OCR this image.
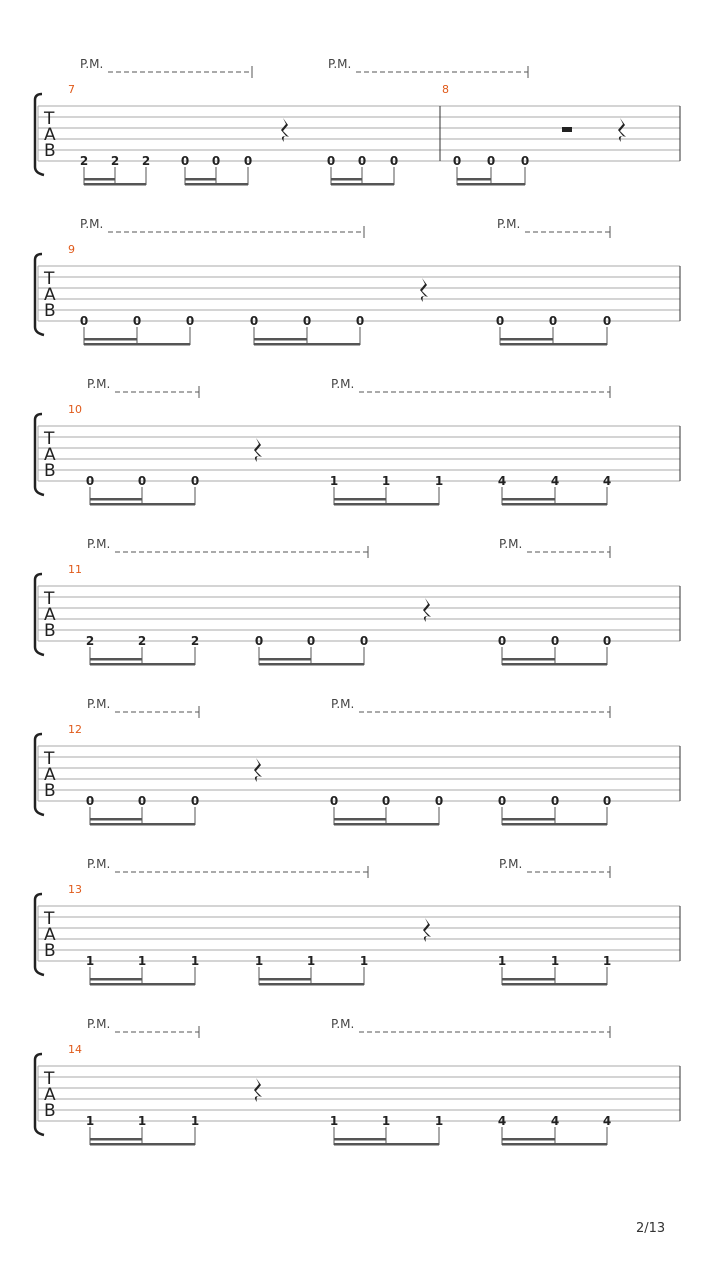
T
A
B
7	8
P.M.	P.M.
2 2 2	0 0 0	0 0 0	0 0 0
T
A
B
9
P.M.	P.M.
0	0	0	0	0	0	0	0	0
T
A
B
10
P.M.	P.M.
0	0	0	1	1	1	4	4	4
T
A
B
11
P.M.	P.M.
2	2	2	0	0	0	0	0	0
T
A
B
12
P.M.	P.M.
0	0	0	0	0	0	0	0	0
T
A
B
13
P.M.	P.M.
1	1	1	1	1	1	1	1	1
T
A
B
14
P.M.	P.M.
1	1	1	1	1	1	4	4	4
2/13
